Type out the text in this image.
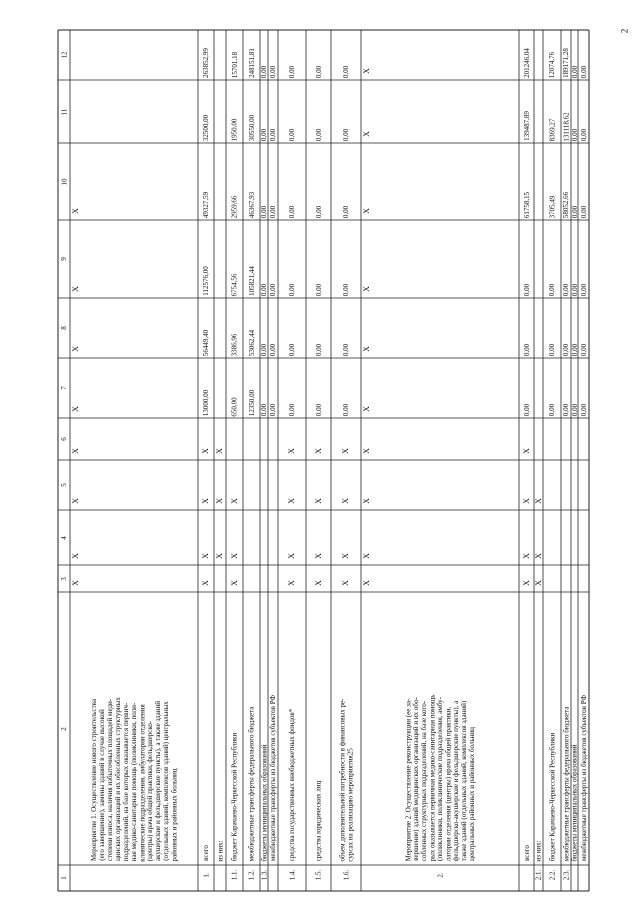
2
1
2
3
4
5
6
7
8
9
10
11
12
Мероприятие 1. Осуществление нового строительства (его завершение), замены зданий в случае высокой степени износа, наличия избыточных площадей меди- цинских организаций и их обособленных структурных подразделений, на базе которых оказывается первич- ная медико-санитарная помощь (поликлиники, поли- клинические подразделения, амбулатории отделения (центры) врача общей практики, фельдшерско- акушерские и фельдшерские пункты), а также зданий (отдельных зданий, комплексов зданий) центральных районных и районных больниц
X
X
X
X
X
X
X
X
1.
всего
X
X
X
X
13000,00
56449,40
112576,00
49327,59
32500,00
263852,99
из них:
X
X
X
1.1.
бюджет Карачаево-Черкесской Республики
X
X
X
650,00
3386,96
6754,56
2959,66
1950,00
15701,18
1.2.
межбюджетные трансферты федерального бюджета
12350,00
53062,44
105821,44
46367,93
30550,00
248151,81
1.3.
бюджеты муниципальных образований
0,00
0,00
0,00
0,00
0,00
0,00
межбюджетные трансферты из бюджетов субъектов РФ
0,00
0,00
0,00
0,00
0,00
0,00
1.4.
средства государственных внебюджетных фондов*
X
X
X
X
0,00
0,00
0,00
0,00
0,00
0,00
1.5.
средства юридических лиц
X
X
X
X
0,00
0,00
0,00
0,00
0,00
0,00
1.6.
объем дополнительной потребности в финансовых ре- сурсах на реализацию мероприятия25
X
X
X
X
0,00
0,00
0,00
0,00
0,00
0,00
2.
Мероприятие 2. Осуществление реконструкции (ее за- вершение) зданий медицинских организаций и их обо- собленных структурных подразделений, на базе кото- рых оказывается первичная медико-санитарная помощь (поликлиники, поликлинические подразделения, амбу- латории отделения (центры) врача общей практики, фельдшерско-акушерские и фельдшерские пункты), а также зданий (отдельных зданий, комплексов зданий) центральных районных и районных больниц
X
X
X
X
X
X
X
X
X
X
всего
X
X
X
X
0,00
0,00
0,00
61758,15
139487,89
201246,04
2.1.
из них:
X
X
X
2.2.
бюджет Карачаево-Черкесской Республики
0,00
0,00
0,00
3705,49
8369,27
12074,76
2.3.
межбюджетные трансферты федерального бюджета
0,00
0,00
0,00
58052,66
131118,62
189171,28
бюджеты муниципальных образований
0,00
0,00
0,00
0,00
0,00
0,00
межбюджетные трансферты из бюджетов субъектов РФ
0,00
0,00
0,00
0,00
0,00
0,00
